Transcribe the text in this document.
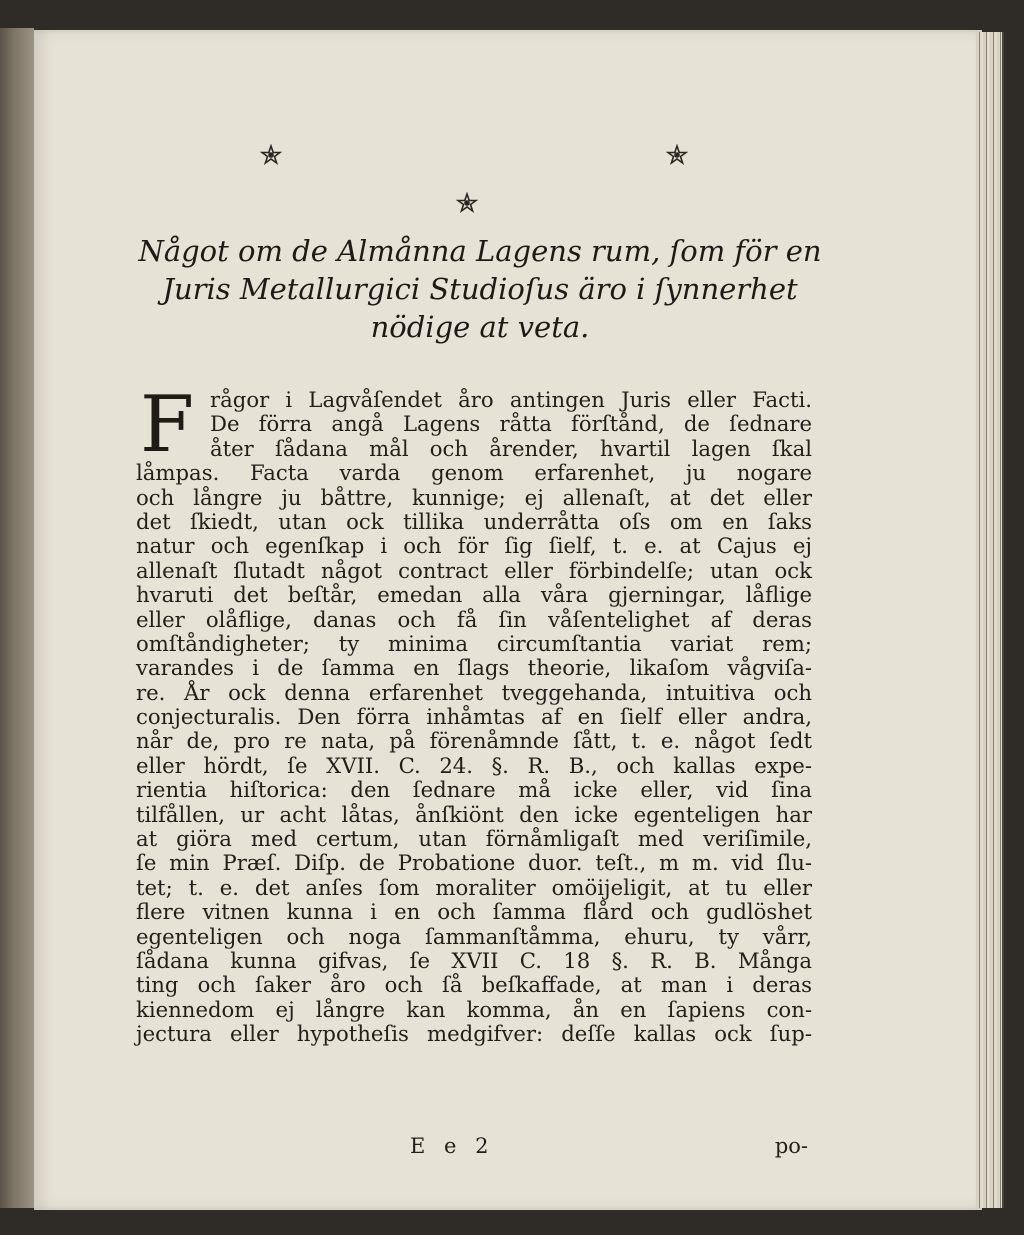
Något om de Almånna Lagens rum, ſom för en
Juris Metallurgici Studioſus äro i ſynnerhet
nödige at veta.
F rågor i Lagvåſendet åro antingen Juris eller Facti.
De förra angå Lagens råtta förſtånd, de ſednare
åter ſådana mål och årender, hvartil lagen ſkal
låmpas. Facta varda genom erfarenhet, ju nogare
och långre ju båttre, kunnige; ej allenaſt, at det eller
det ſkiedt, utan ock tillika underråtta oſs om en ſaks
natur och egenſkap i och för ſig ſielf, t. e. at Cajus ej
allenaſt ſlutadt något contract eller förbindelſe; utan ock
hvaruti det beſtår, emedan alla våra gjerningar, låflige
eller olåflige, danas och få ſin våſentelighet af deras
omſtåndigheter; ty minima circumſtantia variat rem;
varandes i de ſamma en ſlags theorie, likaſom vågviſa-
re. År ock denna erfarenhet tveggehanda, intuitiva och
conjecturalis. Den förra inhåmtas af en ſielf eller andra,
når de, pro re nata, på förenåmnde ſått, t. e. något ſedt
eller hördt, ſe XVII. C. 24. §. R. B., och kallas expe-
rientia hiſtorica: den ſednare må icke eller, vid ſina
tilfållen, ur acht låtas, ånſkiönt den icke egenteligen har
at giöra med certum, utan förnåmligaſt med veriſimile,
ſe min Præſ. Diſp. de Probatione duor. teſt., m m. vid ſlu-
tet; t. e. det anſes ſom moraliter omöijeligit, at tu eller
flere vitnen kunna i en och ſamma flård och gudlöshet
egenteligen och noga ſammanſtåmma, ehuru, ty vårr,
ſådana kunna gifvas, ſe XVII C. 18 §. R. B. Många
ting och ſaker åro och ſå beſkaffade, at man i deras
kiennedom ej långre kan komma, ån en ſapiens con-
jectura eller hypotheſis medgifver: deſſe kallas ock ſup-
E e 2	po-
